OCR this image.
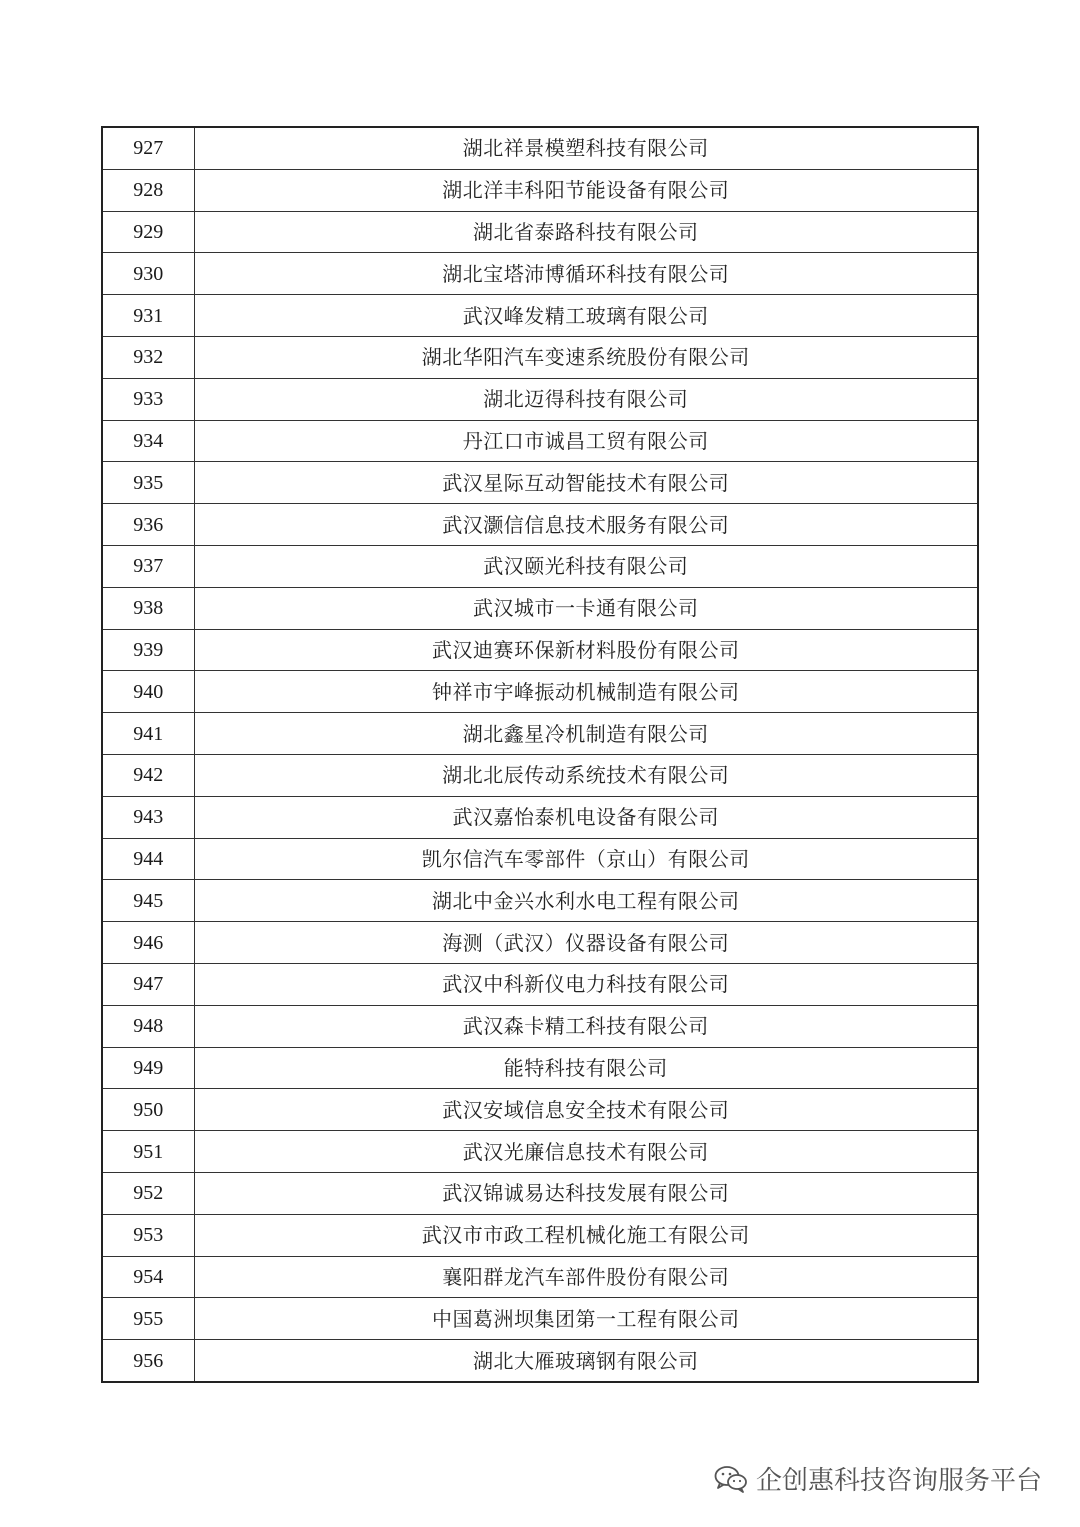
927	湖北祥景模塑科技有限公司
928	湖北洋丰科阳节能设备有限公司
929	湖北省泰路科技有限公司
930	湖北宝塔沛博循环科技有限公司
931	武汉峰发精工玻璃有限公司
932	湖北华阳汽车变速系统股份有限公司
933	湖北迈得科技有限公司
934	丹江口市诚昌工贸有限公司
935	武汉星际互动智能技术有限公司
936	武汉灏信信息技术服务有限公司
937	武汉颐光科技有限公司
938	武汉城市一卡通有限公司
939	武汉迪赛环保新材料股份有限公司
940	钟祥市宇峰振动机械制造有限公司
941	湖北鑫星冷机制造有限公司
942	湖北北辰传动系统技术有限公司
943	武汉嘉怡泰机电设备有限公司
944	凯尔信汽车零部件（京山）有限公司
945	湖北中金兴水利水电工程有限公司
946	海测（武汉）仪器设备有限公司
947	武汉中科新仪电力科技有限公司
948	武汉森卡精工科技有限公司
949	能特科技有限公司
950	武汉安域信息安全技术有限公司
951	武汉光廉信息技术有限公司
952	武汉锦诚易达科技发展有限公司
953	武汉市市政工程机械化施工有限公司
954	襄阳群龙汽车部件股份有限公司
955	中国葛洲坝集团第一工程有限公司
956	湖北大雁玻璃钢有限公司
企创惠科技咨询服务平台
